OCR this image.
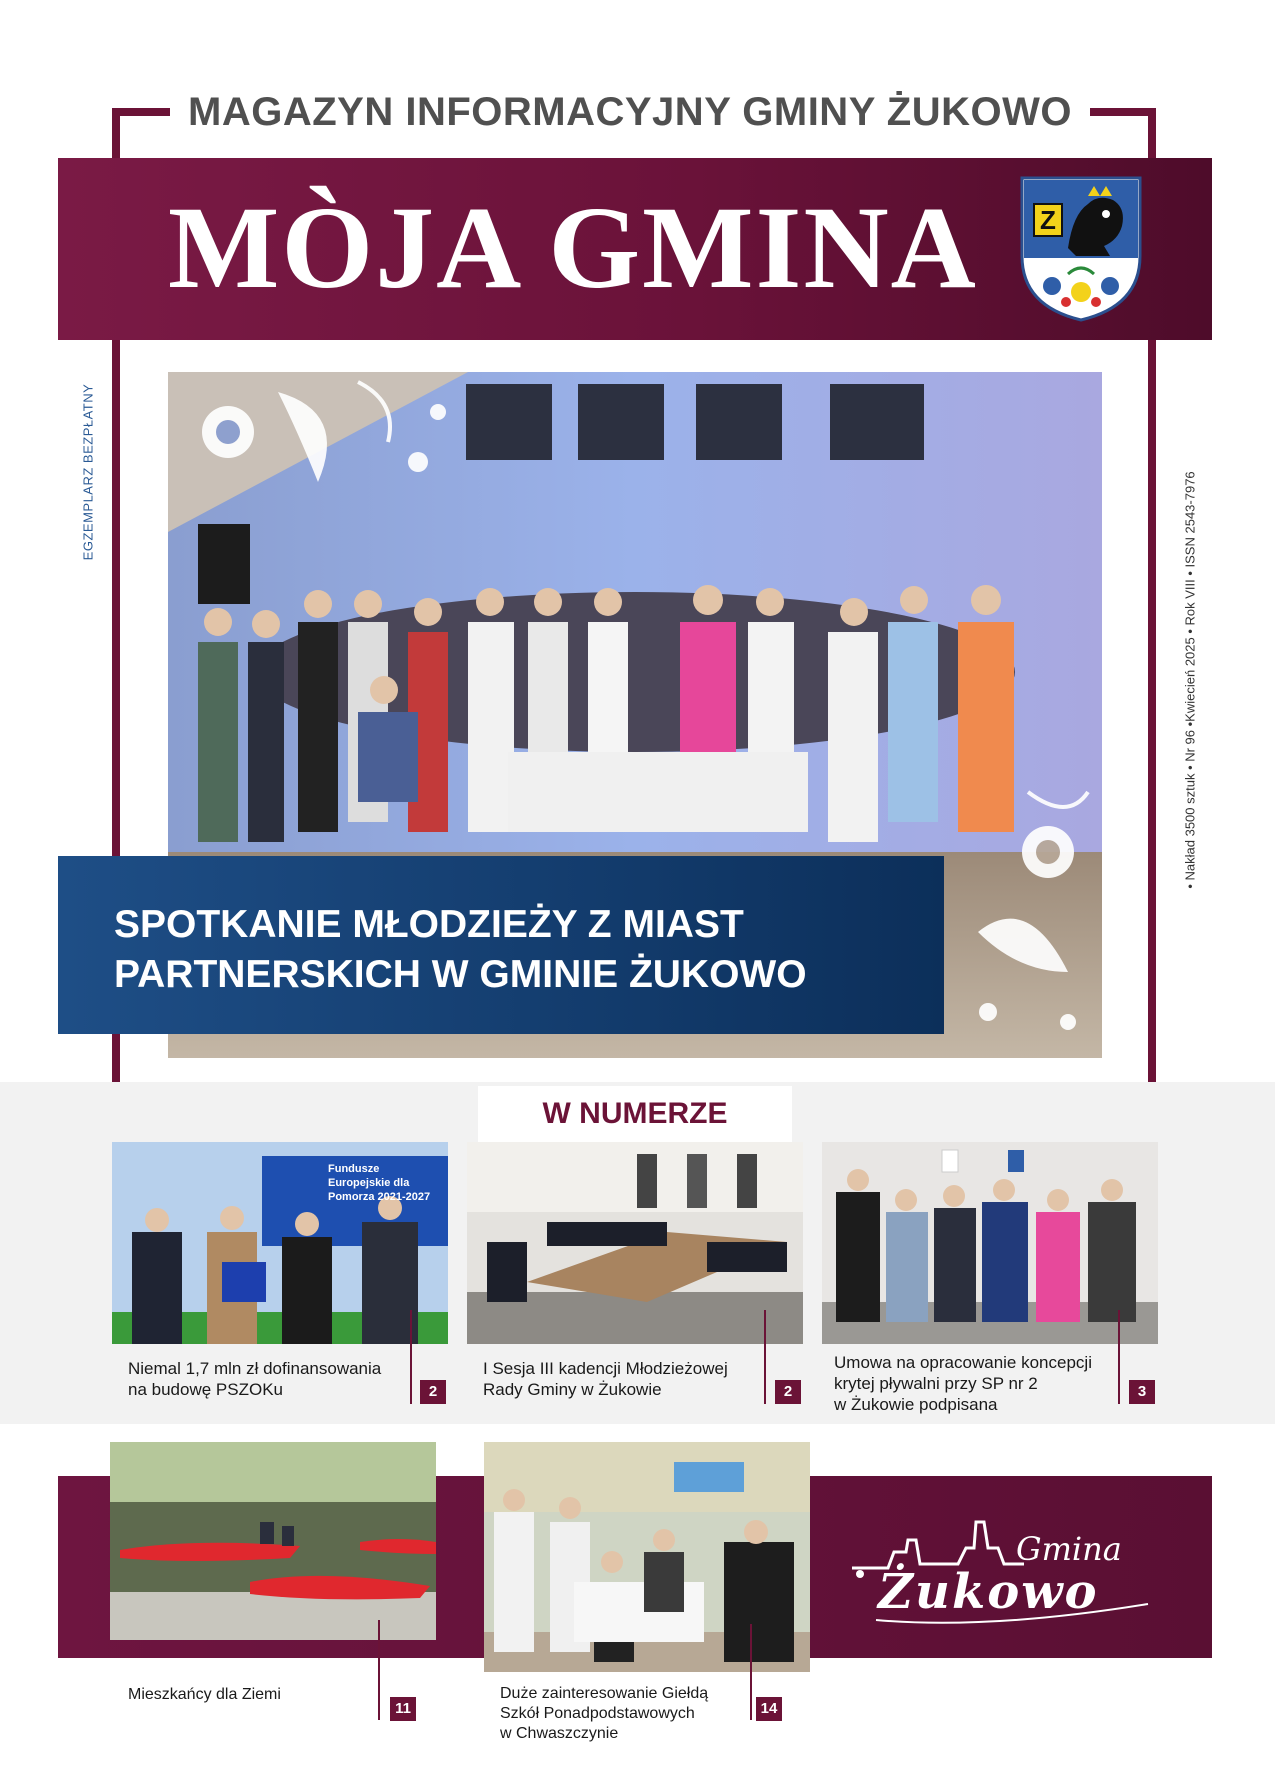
MAGAZYN INFORMACYJNY GMINY ŻUKOWO
MÒJA GMINA	Z
EGZEMPLARZ BEZPŁATNY	• Nakład 3500 sztuk • Nr 96 •Kwiecień 2025 • Rok VIII • ISSN 2543-7976
SPOTKANIE MŁODZIEŻY Z MIAST
PARTNERSKICH W GMINIE ŻUKOWO
W NUMERZE
Fundusze Europejskie dla Pomorza 2021-2027
Niemal 1,7 mln zł dofinansowania
na budowę PSZOKu	2
I Sesja III kadencji Młodzieżowej
Rady Gminy w Żukowie	2
Umowa na opracowanie koncepcji
krytej pływalni przy SP nr 2
w Żukowie podpisana
3
Mieszkańcy dla Ziemi
11
Duże zainteresowanie Giełdą
Szkół Ponadpodstawowych
w Chwaszczynie
14
Gmina
Żukowo
